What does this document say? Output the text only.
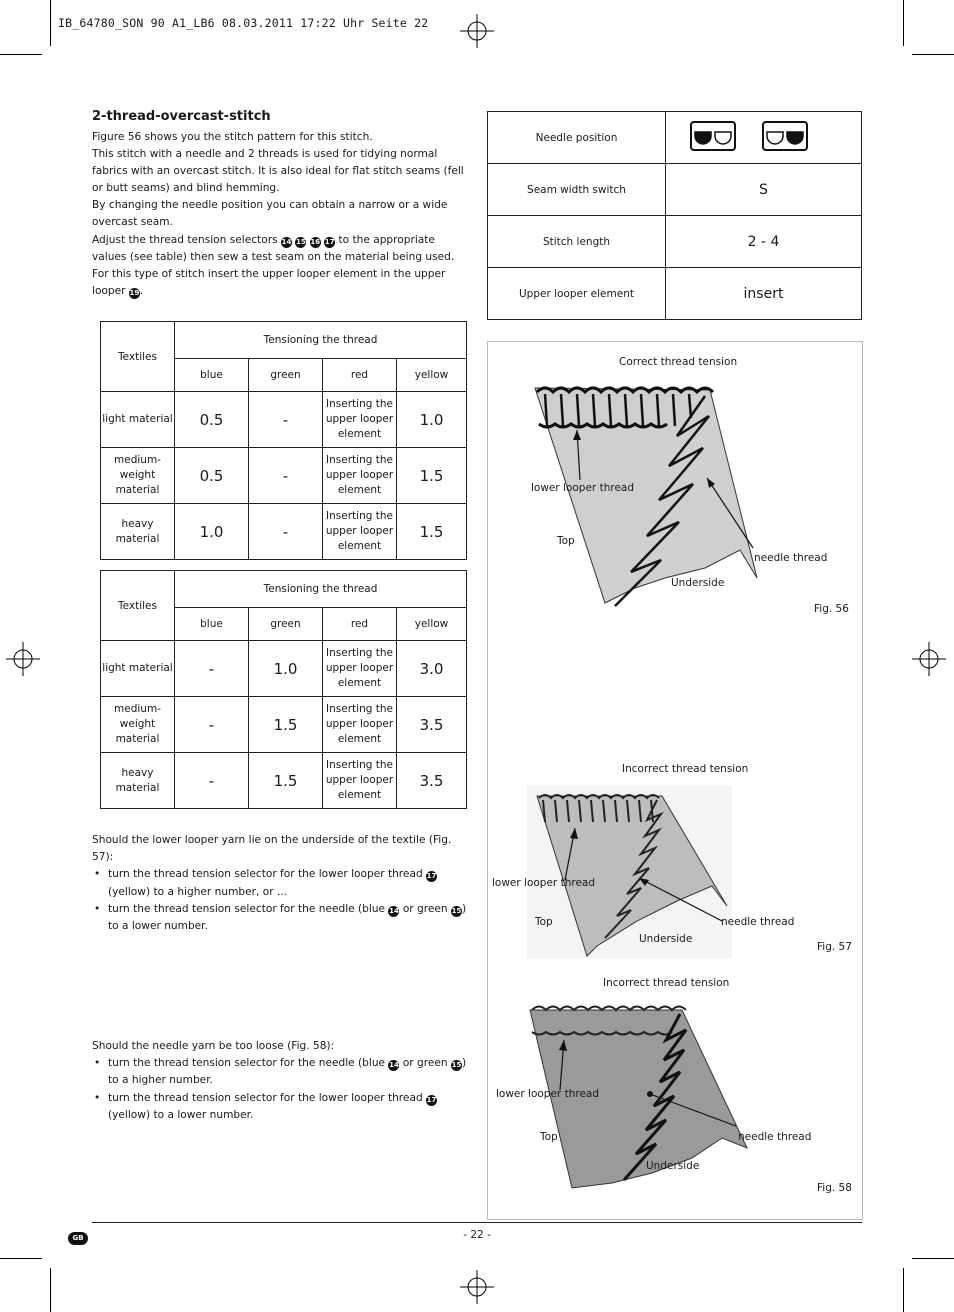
IB_64780_SON 90 A1_LB6 08.03.2011 17:22 Uhr Seite 22
2-thread-overcast-stitch

Figure 56 shows you the stitch pattern for this stitch.

This stitch with a needle and 2 threads is used for tidying normal fabrics with an overcast stitch. It is also ideal for flat stitch seams (fell or butt seams) and blind hemming.

By changing the needle position you can obtain a narrow or a wide overcast seam.

Adjust the thread tension selectors 14 15 16 17 to the appropriate values (see table) then sew a test seam on the material being used.

For this type of stitch insert the upper looper element in the upper looper 19.

Textiles	Tensioning the thread			
	blue	green	red	yellow
light material	0.5	-	Inserting the upper looper element	1.0
medium-weight material	0.5	-	Inserting the upper looper element	1.5
heavy material	1.0	-	Inserting the upper looper element	1.5
Textiles	Tensioning the thread			
	blue	green	red	yellow
light material	-	1.0	Inserting the upper looper element	3.0
medium-weight material	-	1.5	Inserting the upper looper element	3.5
heavy material	-	1.5	Inserting the upper looper element	3.5
Needle position	
Seam width switch	S
Stitch length	2 - 4
Upper looper element	insert
Correct thread tension
lower looper thread
Top
needle thread
Underside
Fig. 56
Incorrect thread tension
lower looper thread
Top	needle thread
Underside
Fig. 57
Incorrect thread tension
lower looper thread
Top	needle thread
Underside
Fig. 58

Should the lower looper yarn lie on the underside of the textile (Fig. 57):

• turn the thread tension selector for the lower looper thread 17 (yellow) to a higher number, or ...
• turn the thread tension selector for the needle (blue 14 or green 15) to a lower number.

Should the needle yarn be too loose (Fig. 58):

• turn the thread tension selector for the needle (blue 14 or green 15) to a higher number.
• turn the thread tension selector for the lower looper thread 17 (yellow) to a lower number.
GB	- 22 -
